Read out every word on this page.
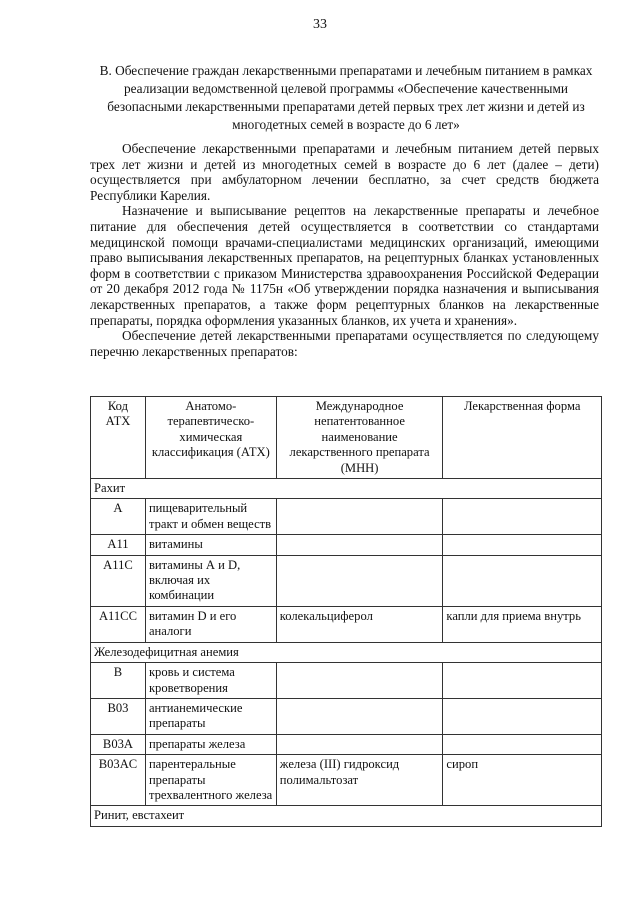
33
В. Обеспечение граждан лекарственными препаратами и лечебным питанием в рамках реализации ведомственной целевой программы «Обеспечение качественными безопасными лекарственными препаратами детей первых трех лет жизни и детей из многодетных семей в возрасте до 6 лет»

Обеспечение лекарственными препаратами и лечебным питанием детей первых трех лет жизни и детей из многодетных семей в возрасте до 6 лет (далее – дети) осуществляется при амбулаторном лечении бесплатно, за счет средств бюджета Республики Карелия.

Назначение и выписывание рецептов на лекарственные препараты и лечебное питание для обеспечения детей осуществляется в соответствии со стандартами медицинской помощи врачами-специалистами медицинских организаций, имеющими право выписывания лекарственных препаратов, на рецептурных бланках установленных форм в соответствии с приказом Министерства здравоохранения Российской Федерации от 20 декабря 2012 года № 1175н «Об утверждении порядка назначения и выписывания лекарственных препаратов, а также форм рецептурных бланков на лекарственные препараты, порядка оформления указанных бланков, их учета и хранения».

Обеспечение детей лекарственными препаратами осуществляется по следующему перечню лекарственных препаратов:

Код АТХ	Анатомо-терапевтическо-химическая классификация (АТХ)	Международное непатентованное наименование лекарственного препарата (МНН)	Лекарственная форма
Рахит			
A	пищеварительный тракт и обмен веществ		
A11	витамины		
A11C	витамины А и D, включая их комбинации		
A11CC	витамин D и его аналоги	колекальциферол	капли для приема внутрь
Железодефицитная анемия			
B	кровь и система кроветворения		
B03	антианемические препараты		
B03A	препараты железа		
B03AC	парентеральные препараты трехвалентного железа	железа (III) гидроксид полимальтозат	сироп
Ринит, евстахеит			
